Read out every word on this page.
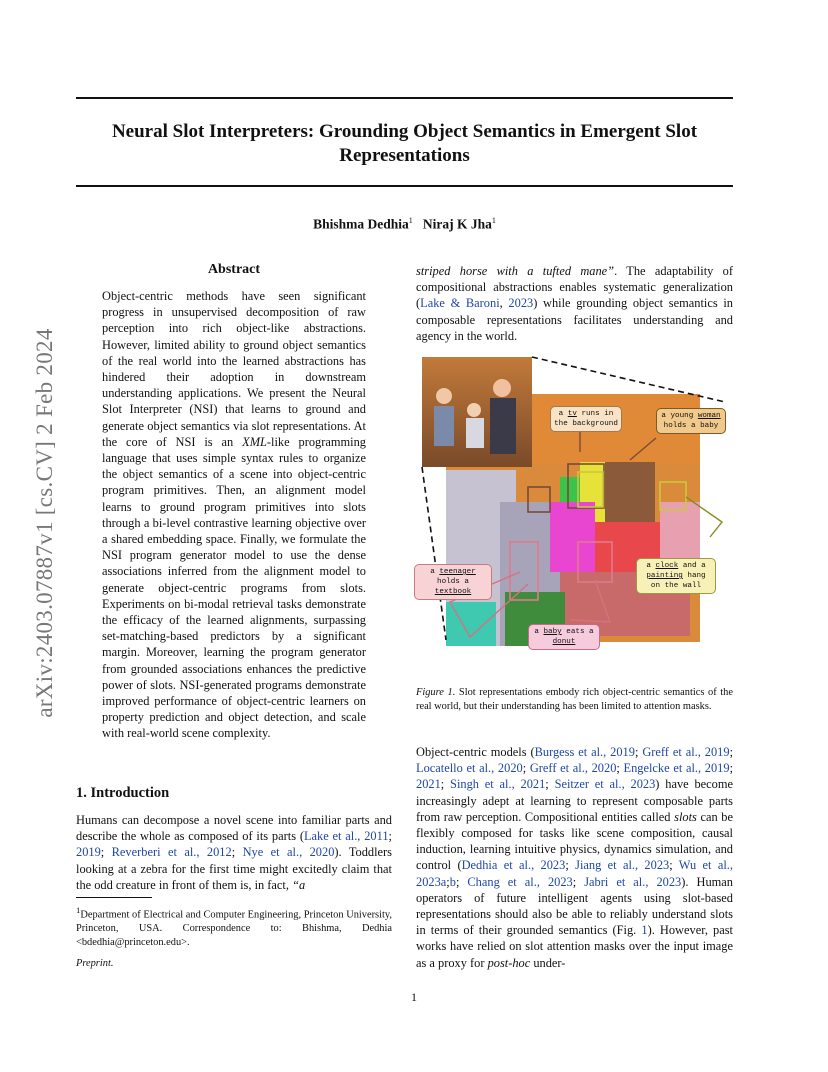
Neural Slot Interpreters: Grounding Object Semantics in Emergent Slot
Representations
Bhishma Dedhia$^1$ Niraj K Jha$^1$
arXiv:2403.07887v1 [cs.CV] 2 Feb 2024
Abstract
Object-centric methods have seen significant progress in unsupervised decomposition of raw perception into rich object-like abstractions. However, limited ability to ground object semantics of the real world into the learned abstractions has hindered their adoption in downstream understanding applications. We present the Neural Slot Interpreter (NSI) that learns to ground and generate object semantics via slot representations. At the core of NSI is an XML-like programming language that uses simple syntax rules to organize the object semantics of a scene into object-centric program primitives. Then, an alignment model learns to ground program primitives into slots through a bi-level contrastive learning objective over a shared embedding space. Finally, we formulate the NSI program generator model to use the dense associations inferred from the alignment model to generate object-centric programs from slots. Experiments on bi-modal retrieval tasks demonstrate the efficacy of the learned alignments, surpassing set-matching-based predictors by a significant margin. Moreover, learning the program generator from grounded associations enhances the predictive power of slots. NSI-generated programs demonstrate improved performance of object-centric learners on property prediction and object detection, and scale with real-world scene complexity.
1. Introduction
Humans can decompose a novel scene into familiar parts and describe the whole as composed of its parts (Lake et al., 2011; 2019; Reverberi et al., 2012; Nye et al., 2020). Toddlers looking at a zebra for the first time might excitedly claim that the odd creature in front of them is, in fact, “a
$^1$Department of Electrical and Computer Engineering, Princeton University, Princeton, USA. Correspondence to: Bhishma, Dedhia <bdedhia@princeton.edu>.
Preprint.
striped horse with a tufted mane”. The adaptability of compositional abstractions enables systematic generalization (Lake & Baroni, 2023) while grounding object semantics in composable representations facilitates understanding and agency in the world.
a tv runs in the background
a young woman holds a baby
a clock and a painting hang on the wall
a teenager holds a textbook
a baby eats a donut
Figure 1. Slot representations embody rich object-centric semantics of the real world, but their understanding has been limited to attention masks.
Object-centric models (Burgess et al., 2019; Greff et al., 2019; Locatello et al., 2020; Greff et al., 2020; Engelcke et al., 2019; 2021; Singh et al., 2021; Seitzer et al., 2023) have become increasingly adept at learning to represent composable parts from raw perception. Compositional entities called slots can be flexibly composed for tasks like scene composition, causal induction, learning intuitive physics, dynamics simulation, and control (Dedhia et al., 2023; Jiang et al., 2023; Wu et al., 2023a;b; Chang et al., 2023; Jabri et al., 2023). Human operators of future intelligent agents using slot-based representations should also be able to reliably understand slots in terms of their grounded semantics (Fig. 1). However, past works have relied on slot attention masks over the input image as a proxy for post-hoc under-
1
